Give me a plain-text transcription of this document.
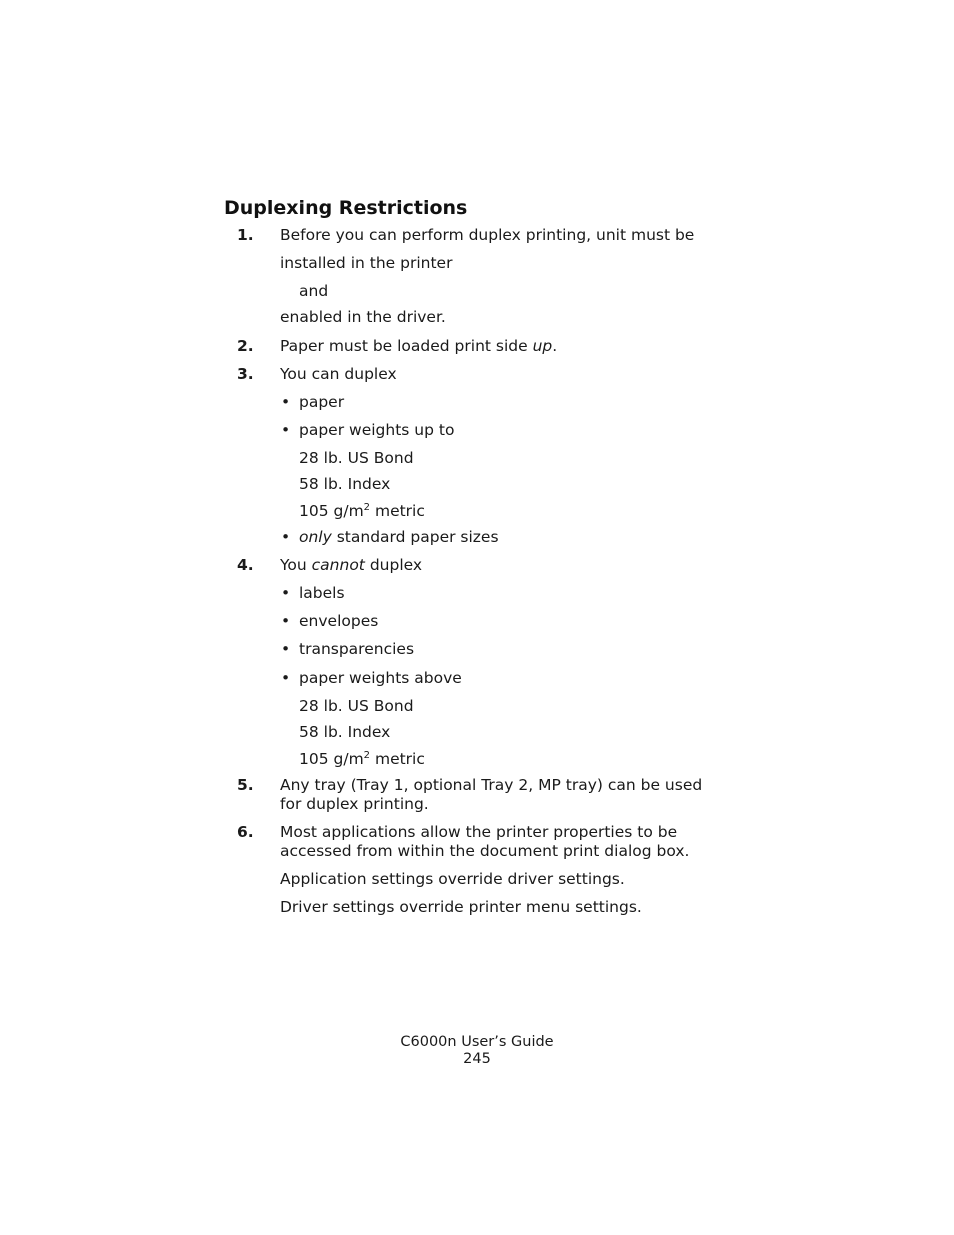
Duplexing Restrictions
1. Before you can perform duplex printing, unit must be
installed in the printer
and
enabled in the driver.
2. Paper must be loaded print side up.
3. You can duplex
• paper
• paper weights up to
28 lb. US Bond
58 lb. Index
105 $g/m^2$ metric
• only standard paper sizes
4. You cannot duplex
• labels
• envelopes
• transparencies
• paper weights above
28 lb. US Bond
58 lb. Index
105 $g/m^2$ metric
5. Any tray (Tray 1, optional Tray 2, MP tray) can be used
for duplex printing.
6. Most applications allow the printer properties to be
accessed from within the document print dialog box.
Application settings override driver settings.
Driver settings override printer menu settings.
C6000n User’s Guide
245
